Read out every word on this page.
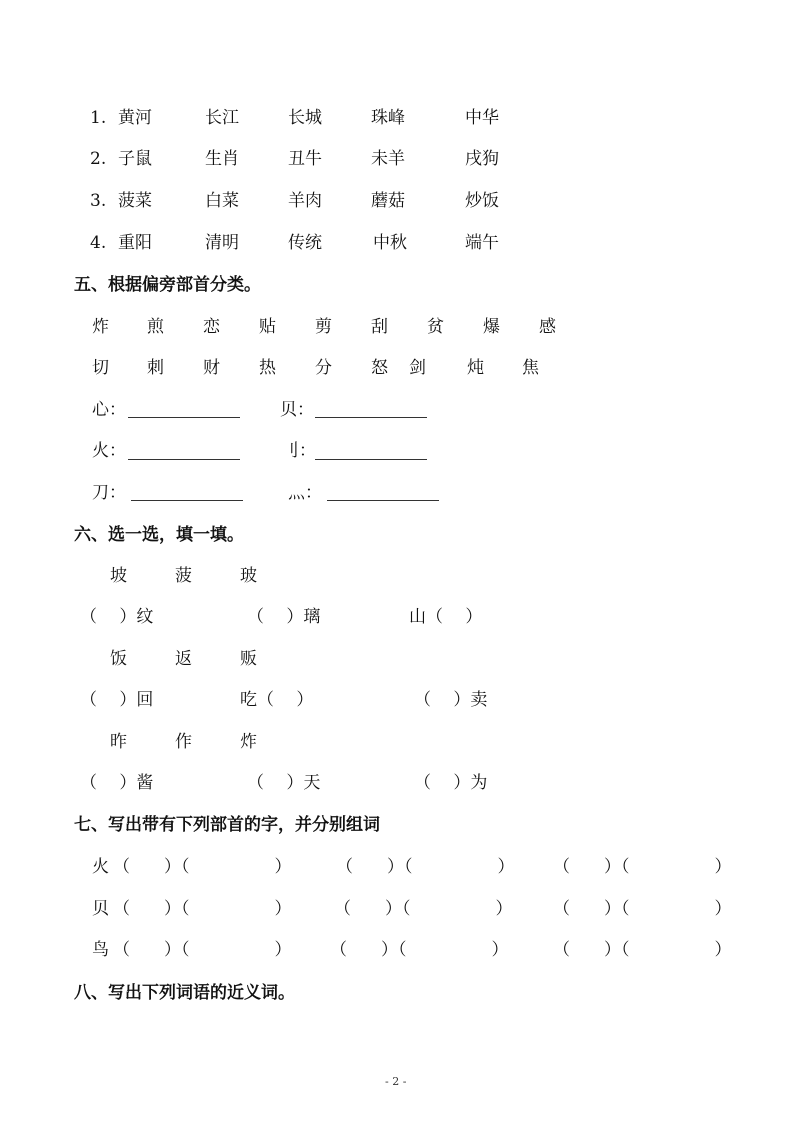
1. 黄河	长江	长城	珠峰	中华
2. 子鼠	生肖	丑牛	未羊	戌狗
3. 菠菜	白菜	羊肉	蘑菇	炒饭
4. 重阳	清明	传统	中秋	端午
五、根据偏旁部首分类。
炸 煎 恋 贴 剪 刮 贫 爆 感
切 刺 财 热 分 怒 剑 炖 焦
心：	贝：
火：	刂：
刀：	灬：
六、选一选，填一填。
坡	菠	玻
（　 ）纹	（　 ）璃	山（　 ）
饭	返	贩
（　 ）回	吃（　 ）	（　 ）卖
昨	作	炸
（　 ）酱	（　 ）天	（　 ）为
七、写出带有下列部首的字，并分别组词
火 （　　）（　　　　　）	（　　）（　　　　　） （　　）（　　　　　）
贝 （　　）（　　　　　）	（　　）（　　　　　） （　　）（　　　　　）
鸟 （　　）（　　　　　） （　　）（　　　　　）	（　　）（　　　　　）
八、写出下列词语的近义词。
- 2 -
